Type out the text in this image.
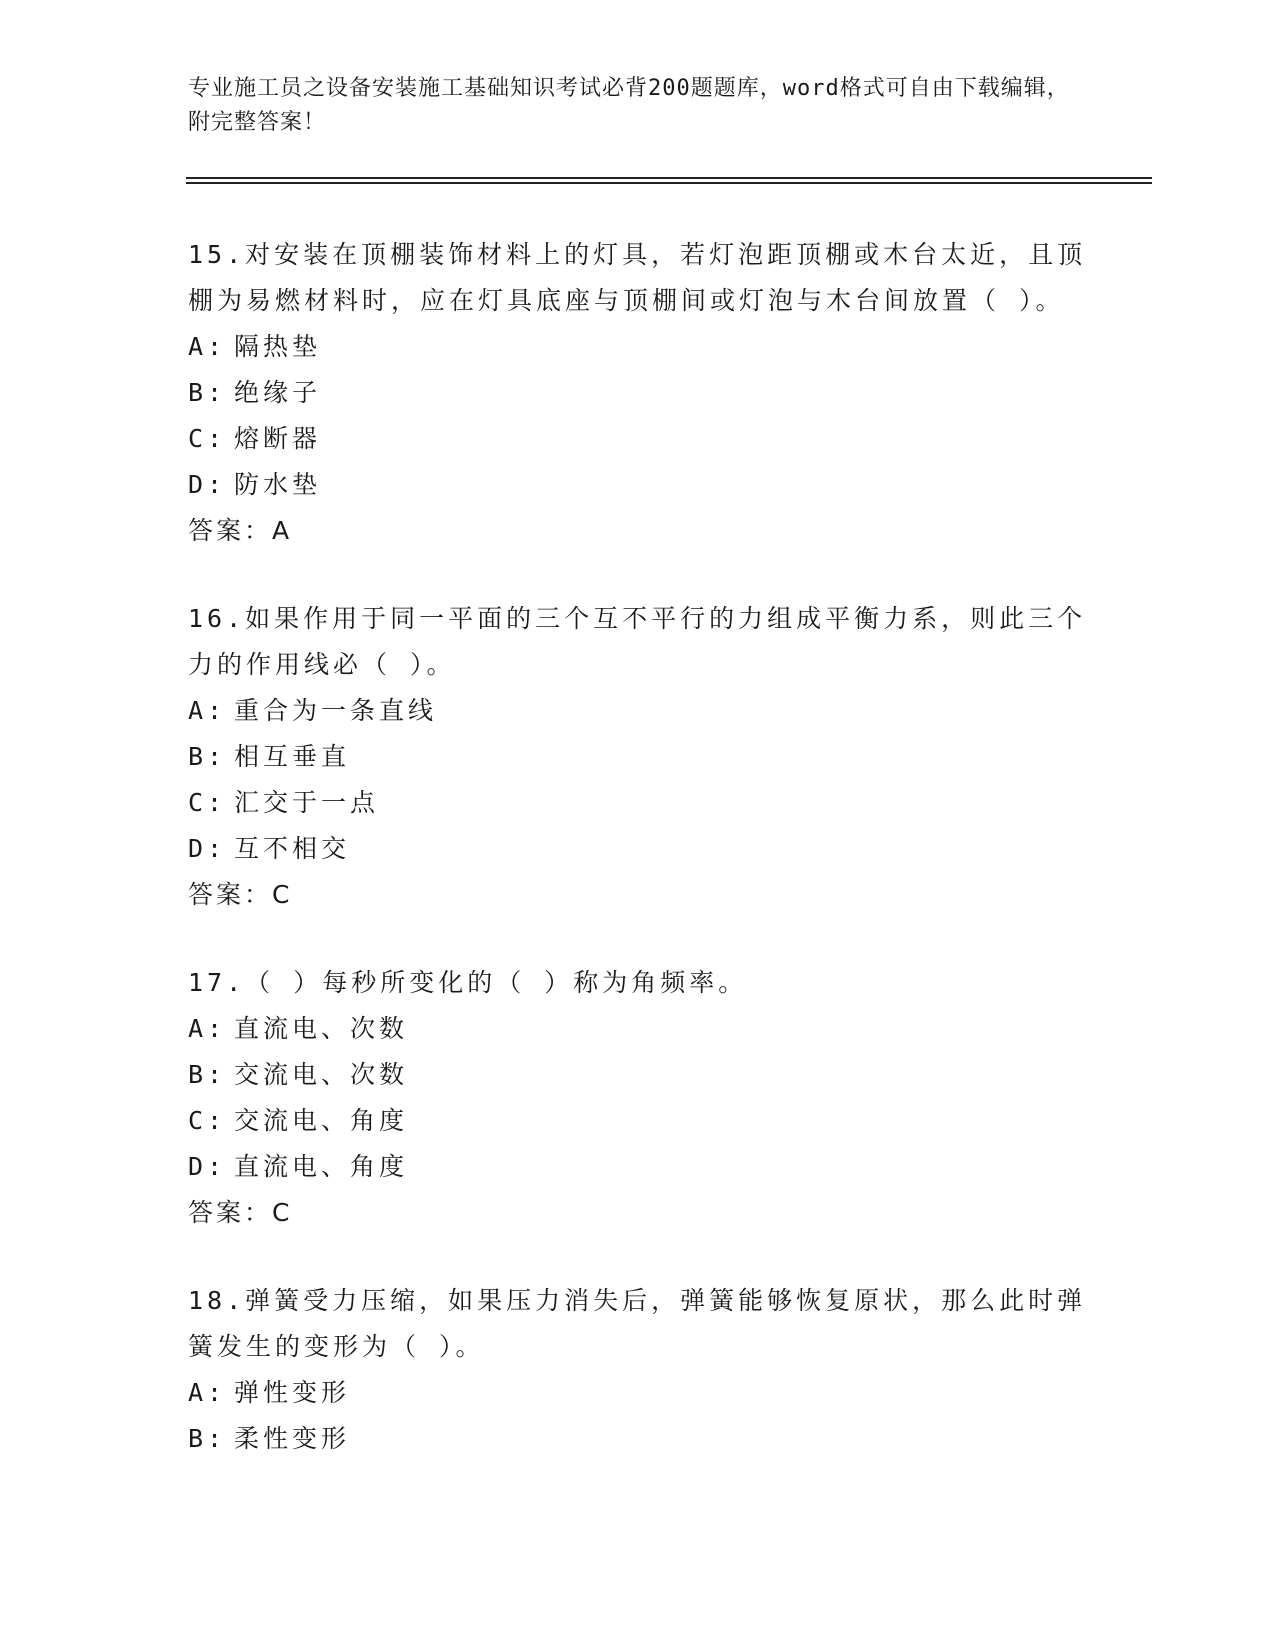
专业施工员之设备安装施工基础知识考试必背200题题库，word格式可自由下载编辑，附完整答案！
15.对安装在顶棚装饰材料上的灯具，若灯泡距顶棚或木台太近，且顶棚为易燃材料时，应在灯具底座与顶棚间或灯泡与木台间放置（ ）。
A: 隔热垫
B: 绝缘子
C: 熔断器
D: 防水垫
答案：A
16.如果作用于同一平面的三个互不平行的力组成平衡力系，则此三个力的作用线必（ ）。
A: 重合为一条直线
B: 相互垂直
C: 汇交于一点
D: 互不相交
答案：C
17.（ ）每秒所变化的（ ）称为角频率。
A: 直流电、次数
B: 交流电、次数
C: 交流电、角度
D: 直流电、角度
答案：C
18.弹簧受力压缩，如果压力消失后，弹簧能够恢复原状，那么此时弹簧发生的变形为（ ）。
A: 弹性变形
B: 柔性变形
